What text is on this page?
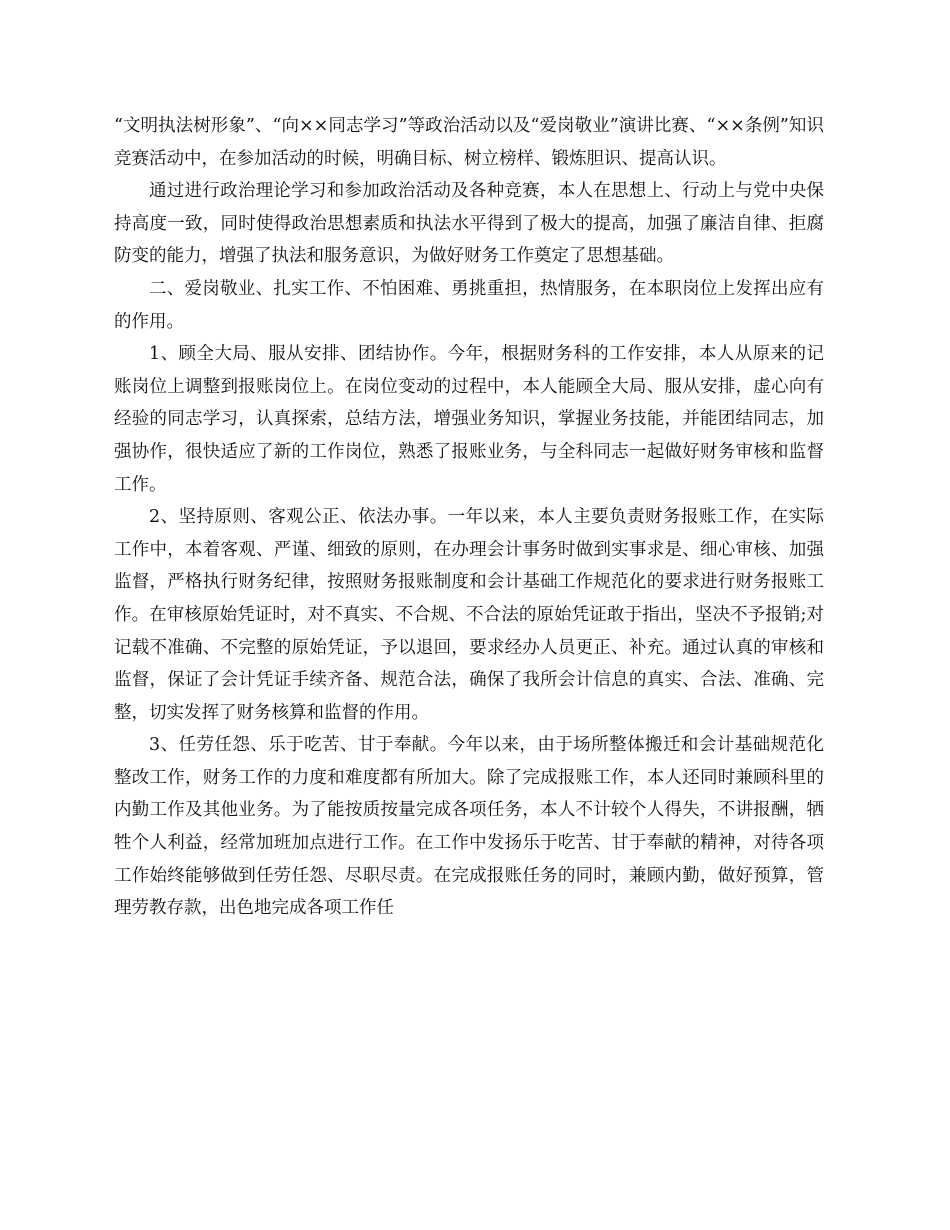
“文明执法树形象”、“向××同志学习”等政治活动以及“爱岗敬业”演讲比赛、“××条例”知识竞赛活动中，在参加活动的时候，明确目标、树立榜样、锻炼胆识、提高认识。

通过进行政治理论学习和参加政治活动及各种竞赛，本人在思想上、行动上与党中央保持高度一致，同时使得政治思想素质和执法水平得到了极大的提高，加强了廉洁自律、拒腐防变的能力，增强了执法和服务意识，为做好财务工作奠定了思想基础。

二、爱岗敬业、扎实工作、不怕困难、勇挑重担，热情服务，在本职岗位上发挥出应有的作用。

1、顾全大局、服从安排、团结协作。今年，根据财务科的工作安排，本人从原来的记账岗位上调整到报账岗位上。在岗位变动的过程中，本人能顾全大局、服从安排，虚心向有经验的同志学习，认真探索，总结方法，增强业务知识，掌握业务技能，并能团结同志，加强协作，很快适应了新的工作岗位，熟悉了报账业务，与全科同志一起做好财务审核和监督工作。

2、坚持原则、客观公正、依法办事。一年以来，本人主要负责财务报账工作，在实际工作中，本着客观、严谨、细致的原则，在办理会计事务时做到实事求是、细心审核、加强监督，严格执行财务纪律，按照财务报账制度和会计基础工作规范化的要求进行财务报账工作。在审核原始凭证时，对不真实、不合规、不合法的原始凭证敢于指出，坚决不予报销;对记载不准确、不完整的原始凭证，予以退回，要求经办人员更正、补充。通过认真的审核和监督，保证了会计凭证手续齐备、规范合法，确保了我所会计信息的真实、合法、准确、完整，切实发挥了财务核算和监督的作用。

3、任劳任怨、乐于吃苦、甘于奉献。今年以来，由于场所整体搬迁和会计基础规范化整改工作，财务工作的力度和难度都有所加大。除了完成报账工作，本人还同时兼顾科里的内勤工作及其他业务。为了能按质按量完成各项任务，本人不计较个人得失，不讲报酬，牺牲个人利益，经常加班加点进行工作。在工作中发扬乐于吃苦、甘于奉献的精神，对待各项工作始终能够做到任劳任怨、尽职尽责。在完成报账任务的同时，兼顾内勤，做好预算，管理劳教存款，出色地完成各项工作任
